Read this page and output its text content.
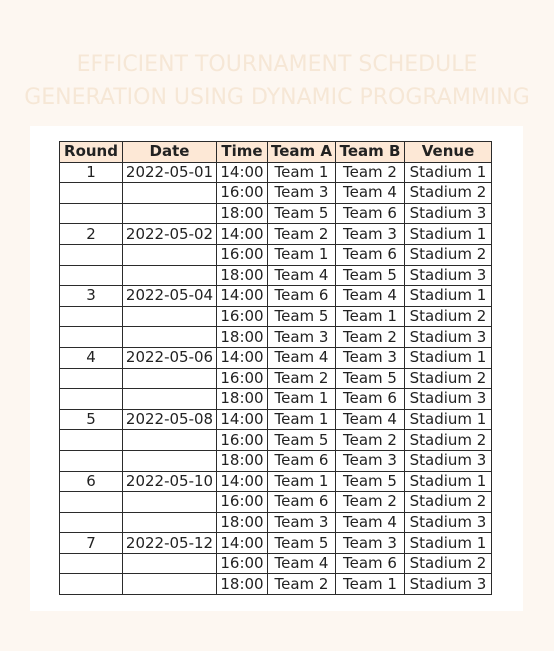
EFFICIENT TOURNAMENT SCHEDULE
GENERATION USING DYNAMIC PROGRAMMING
Round	Date	Time	Team A	Team B	Venue
1	2022-05-01	14:00	Team 1	Team 2	Stadium 1
		16:00	Team 3	Team 4	Stadium 2
		18:00	Team 5	Team 6	Stadium 3
2	2022-05-02	14:00	Team 2	Team 3	Stadium 1
		16:00	Team 1	Team 6	Stadium 2
		18:00	Team 4	Team 5	Stadium 3
3	2022-05-04	14:00	Team 6	Team 4	Stadium 1
		16:00	Team 5	Team 1	Stadium 2
		18:00	Team 3	Team 2	Stadium 3
4	2022-05-06	14:00	Team 4	Team 3	Stadium 1
		16:00	Team 2	Team 5	Stadium 2
		18:00	Team 1	Team 6	Stadium 3
5	2022-05-08	14:00	Team 1	Team 4	Stadium 1
		16:00	Team 5	Team 2	Stadium 2
		18:00	Team 6	Team 3	Stadium 3
6	2022-05-10	14:00	Team 1	Team 5	Stadium 1
		16:00	Team 6	Team 2	Stadium 2
		18:00	Team 3	Team 4	Stadium 3
7	2022-05-12	14:00	Team 5	Team 3	Stadium 1
		16:00	Team 4	Team 6	Stadium 2
		18:00	Team 2	Team 1	Stadium 3
